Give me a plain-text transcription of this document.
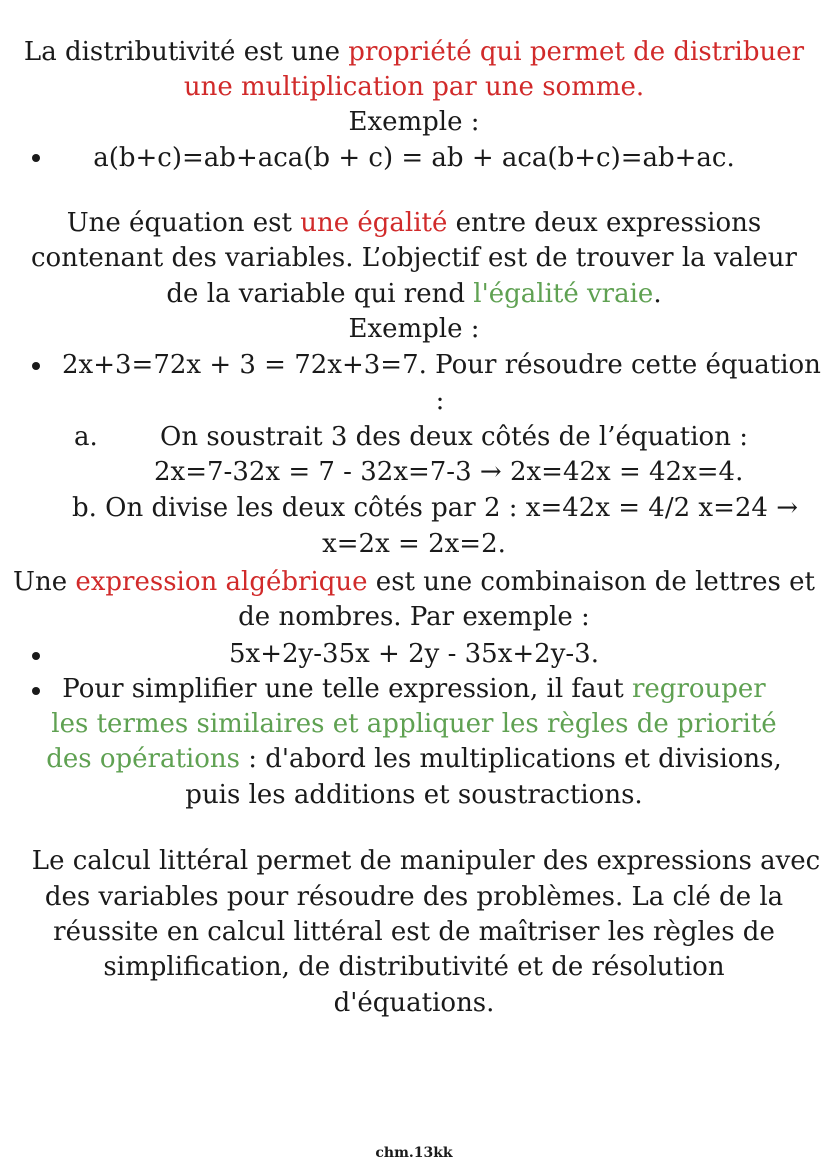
La distributivité est une propriété qui permet de distribuer
une multiplication par une somme.
Exemple :
a(b+c)=ab+aca(b + c) = ab + aca(b+c)=ab+ac.
Une équation est une égalité entre deux expressions
contenant des variables. L’objectif est de trouver la valeur
de la variable qui rend l'égalité vraie.
Exemple :
2x+3=72x + 3 = 72x+3=7. Pour résoudre cette équation
:
a.	On soustrait 3 des deux côtés de l’équation :
2x=7-32x = 7 - 32x=7-3 → 2x=42x = 42x=4.
b. On divise les deux côtés par 2 : x=42x = 4/2 x=24 →
x=2x = 2x=2.
Une expression algébrique est une combinaison de lettres et
de nombres. Par exemple :
5x+2y-35x + 2y - 35x+2y-3.
Pour simplifier une telle expression, il faut regrouper
les termes similaires et appliquer les règles de priorité
des opérations : d'abord les multiplications et divisions,
puis les additions et soustractions.
Le calcul littéral permet de manipuler des expressions avec
des variables pour résoudre des problèmes. La clé de la
réussite en calcul littéral est de maîtriser les règles de
simplification, de distributivité et de résolution
d'équations.
chm.13kk
